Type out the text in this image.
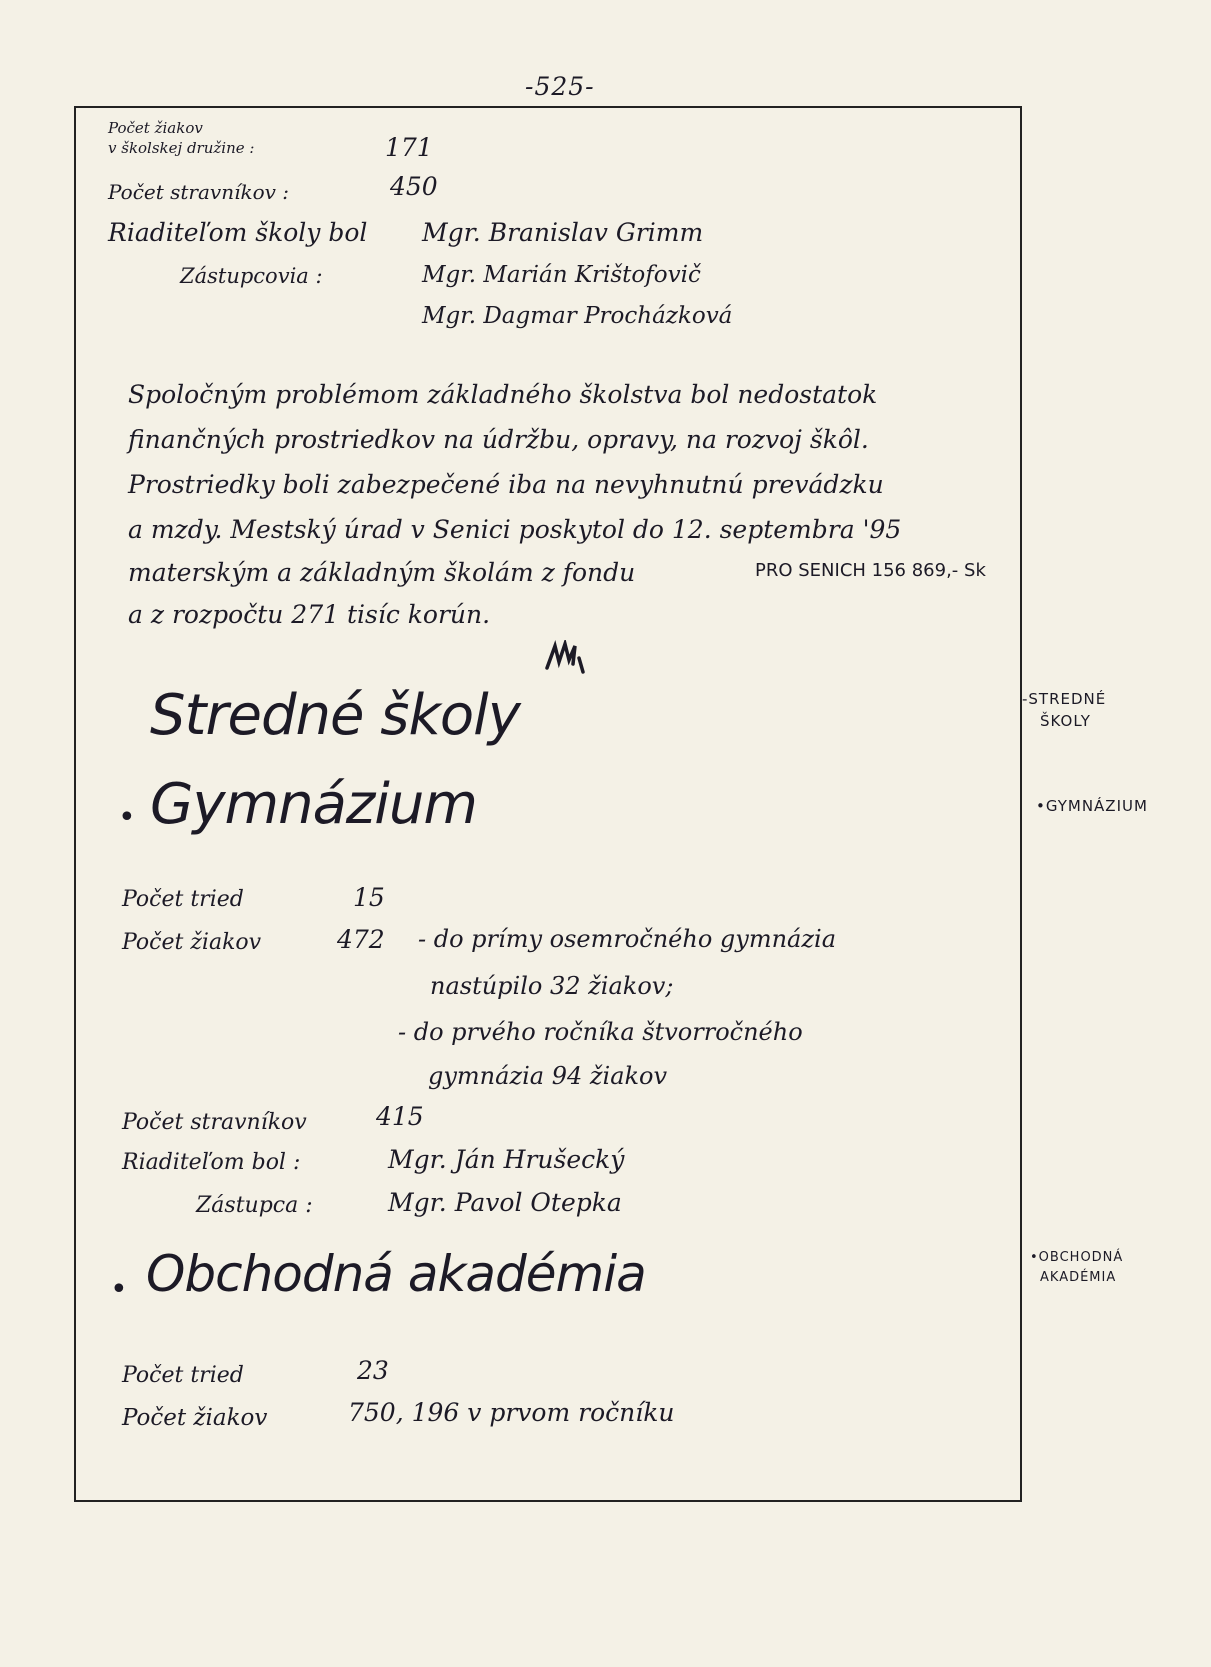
-525-
Počet žiakov
v školskej družine :	171
Počet stravníkov :	450
Riaditeľom školy bol Mgr. Branislav Grimm
Zástupcovia :	Mgr. Marián Krištofovič
Mgr. Dagmar Procházková
Spoločným problémom základného školstva bol nedostatok
finančných prostriedkov na údržbu, opravy, na rozvoj škôl.
Prostriedky boli zabezpečené iba na nevyhnutnú prevádzku
a mzdy. Mestský úrad v Senici poskytol do 12. septembra '95
materským a základným školám z fondu	PRO SENICH 156 869,- Sk
a z rozpočtu 271 tisíc korún.
Stredné školy
• Gymnázium
Počet tried	15
Počet žiakov	472 - do prímy osemročného gymnázia
nastúpilo 32 žiakov;
- do prvého ročníka štvorročného
gymnázia 94 žiakov
Počet stravníkov	415
Riaditeľom bol :	Mgr. Ján Hrušecký
Zástupca :	Mgr. Pavol Otepka
• Obchodná akadémia
Počet tried	23
Počet žiakov	750, 196 v prvom ročníku
-STREDNÉ
ŠKOLY
•GYMNÁZIUM
•OBCHODNÁ
AKADÉMIA
